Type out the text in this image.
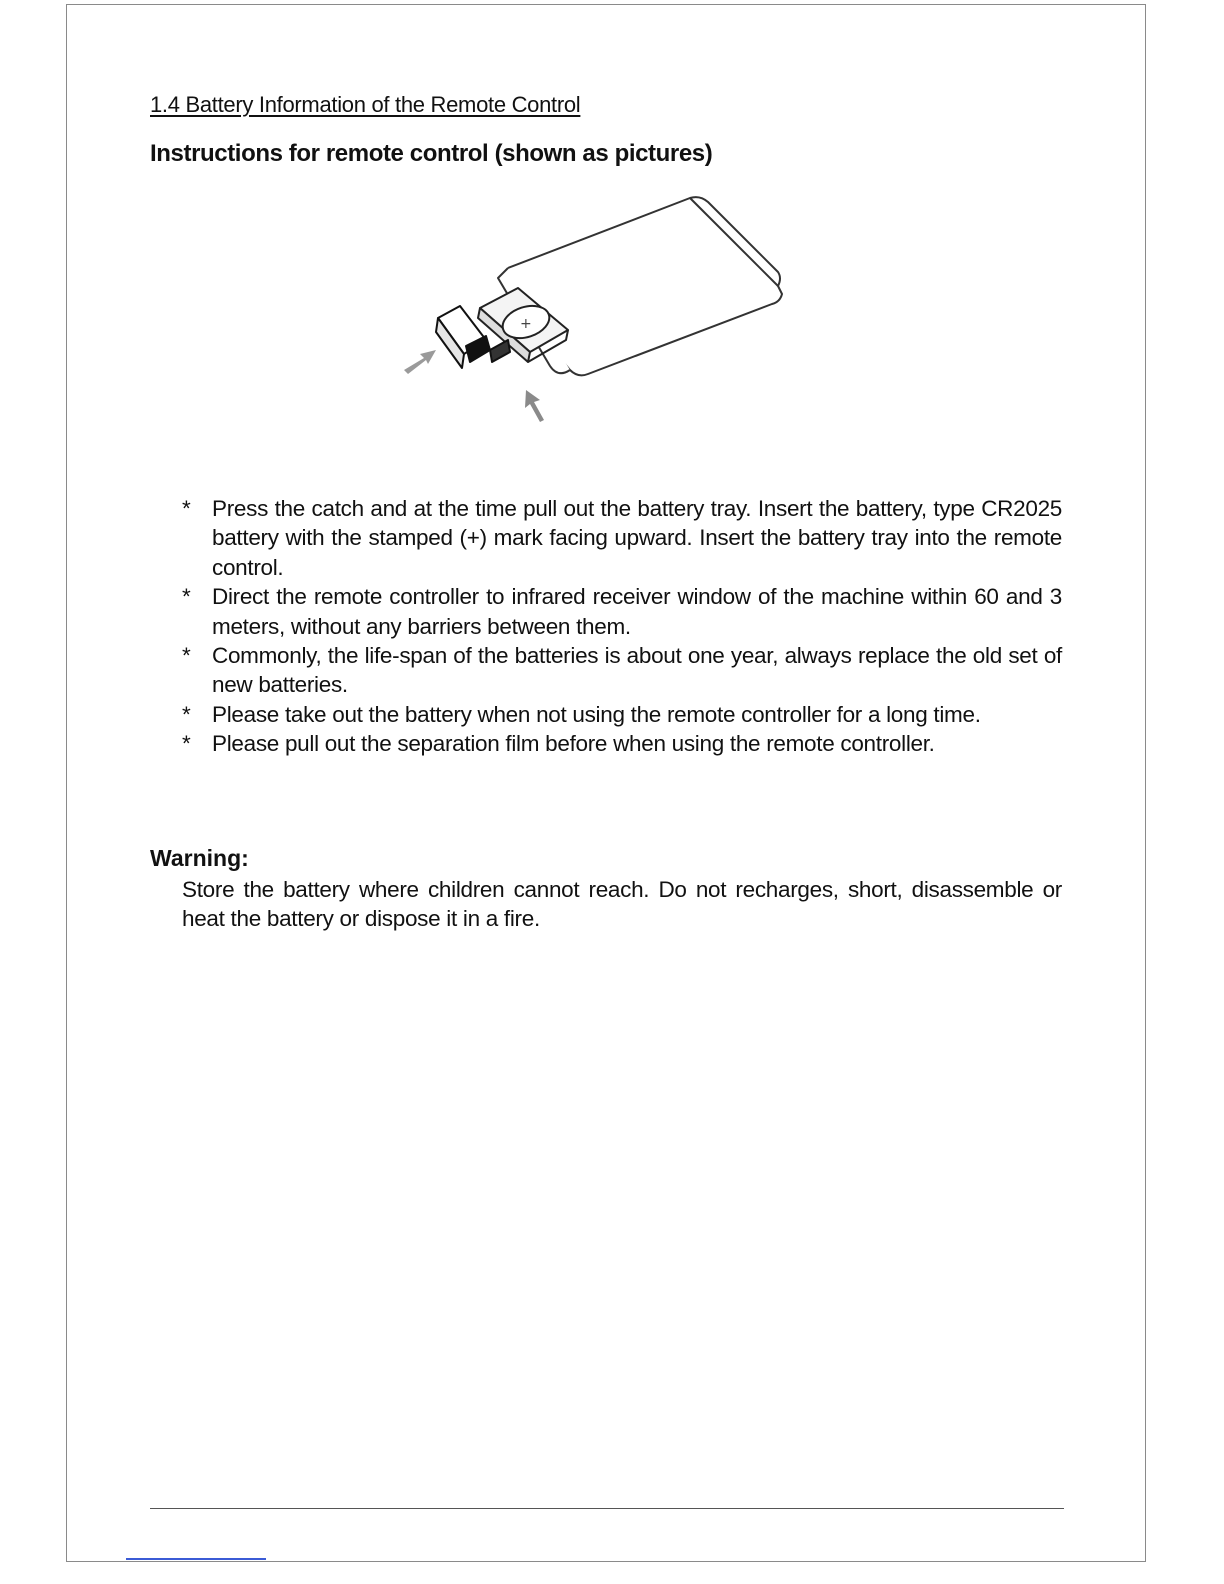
1.4 Battery Information of the Remote Control
Instructions for remote control (shown as pictures)
+
* Press the catch and at the time pull out the battery tray. Insert the battery, type CR2025 battery with the stamped (+) mark facing upward. Insert the battery tray into the remote control.
* Direct the remote controller to infrared receiver window of the machine within 60 and 3 meters, without any barriers between them.
* Commonly, the life-span of the batteries is about one year, always replace the old set of new batteries.
* Please take out the battery when not using the remote controller for a long time.
* Please pull out the separation film before when using the remote controller.
Warning:

Store the battery where children cannot reach. Do not recharges, short, disassemble or heat the battery or dispose it in a fire.
